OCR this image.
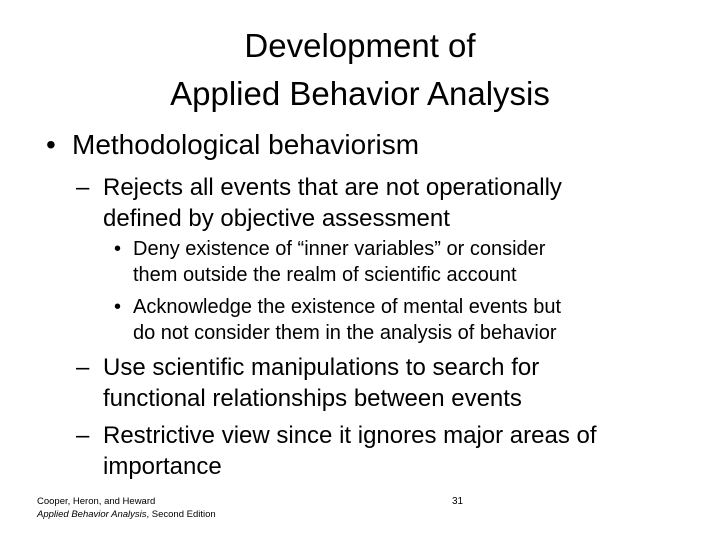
Development of
Applied Behavior Analysis
• Methodological behaviorism
– Rejects all events that are not operationally
defined by objective assessment
• Deny existence of “inner variables” or consider
them outside the realm of scientific account
• Acknowledge the existence of mental events but
do not consider them in the analysis of behavior
– Use scientific manipulations to search for
functional relationships between events
– Restrictive view since it ignores major areas of
importance
Cooper, Heron, and Heward
Applied Behavior Analysis, Second Edition
31
